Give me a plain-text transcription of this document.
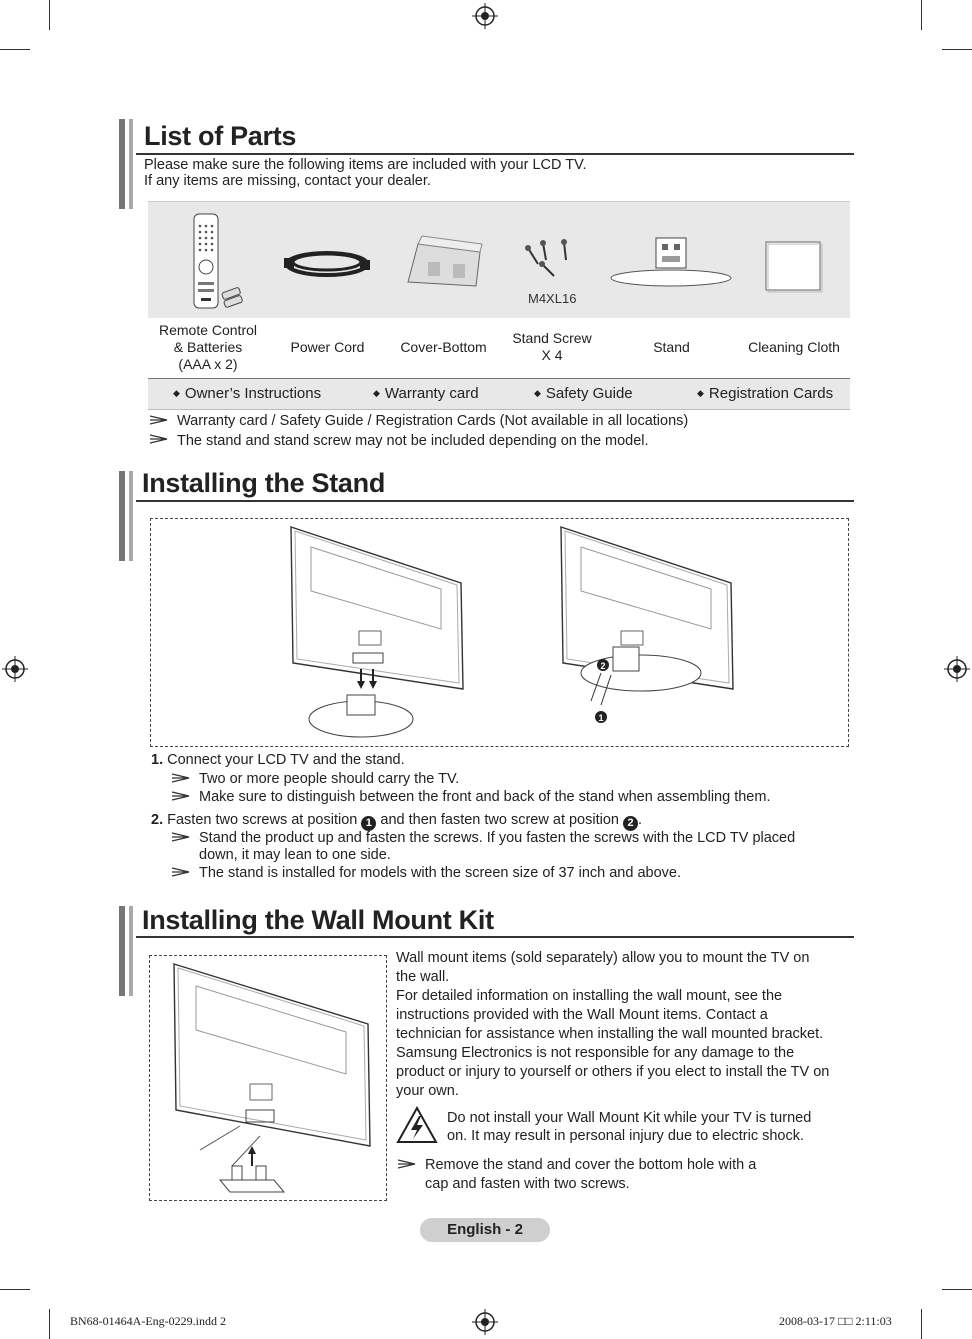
List of Parts
Please make sure the following items are included with your LCD TV.
If any items are missing, contact your dealer.
M4XL16
Remote Control
& Batteries
(AAA x 2)
Power Cord	Cover-Bottom
Stand Screw
X 4	Stand	Cleaning Cloth
◆ Owner’s Instructions	◆ Warranty card	◆ Safety Guide	◆ Registration Cards
Warranty card / Safety Guide / Registration Cards (Not available in all locations)
The stand and stand screw may not be included depending on the model.
Installing the Stand
2
1
1. Connect your LCD TV and the stand.
Two or more people should carry the TV.
Make sure to distinguish between the front and back of the stand when assembling them.
2. Fasten two screws at position 1 and then fasten two screw at position 2 .
Stand the product up and fasten the screws. If you fasten the screws with the LCD TV placed
down, it may lean to one side.
The stand is installed for models with the screen size of 37 inch and above.
Installing the Wall Mount Kit
Wall mount items (sold separately) allow you to mount the TV on
the wall.
For detailed information on installing the wall mount, see the
instructions provided with the Wall Mount items. Contact a
technician for assistance when installing the wall mounted bracket.
Samsung Electronics is not responsible for any damage to the
product or injury to yourself or others if you elect to install the TV on
your own.
Do not install your Wall Mount Kit while your TV is turned
on. It may result in personal injury due to electric shock.
Remove the stand and cover the bottom hole with a
cap and fasten with two screws.
English - 2
BN68-01464A-Eng-0229.indd 2	2008-03-17 □□ 2:11:03
